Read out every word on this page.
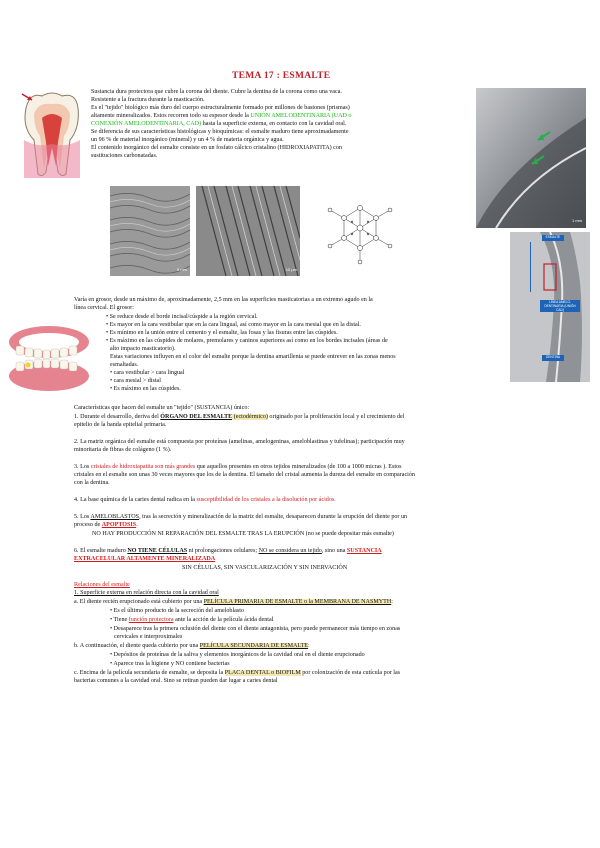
TEMA 17 : ESMALTE
Sustancia dura protectora que cubre la corona del diente. Cubre la dentina de la corona como una vaca.
Resistente a la fractura durante la masticación.
Es el "tejido" biológico más duro del cuerpo estructuralmente formado por millones de bastones (prismas)
altamente mineralizados. Estos recorren todo su espesor desde la UNIÓN AMELODENTINARIA (UAD o
CONEXIÓN AMELODENTINARIA, CAD) hasta la superficie externa, en contacto con la cavidad oral.
Se diferencia de sus características histológicas y bioquímicas: el esmalte maduro tiene aproximadamente
un 96 % de material inorgánico (mineral) y un 4 % de materia orgánica y agua.
El contenido inorgánico del esmalte consiste en un fosfato cálcico cristalino (HIDROXIAPATITA) con
sustituciones carbonatadas.
1 mm
5 mm	10 µm
ESMALTE
LÍNEA AMELO-DENTINARIA (UNIÓN CAD)
DENTINA
Varía en grosor, desde un máximo de, aproximadamente, 2,5 mm en las superficies masticatorias a un extremo agudo en la
línea cervical. El grosor:
• Se reduce desde el borde incisal/cúspide a la región cervical.
• Es mayor en la cara vestibular que en la cara lingual, así como mayor en la cara mesial que en la distal.
• Es mínimo en la unión entre el cemento y el esmalte, las fosas y las fisuras entre las cúspides.
• Es máximo en las cúspides de molares, premolares y caninos superiores así como en los bordes incisales (áreas de
alto impacto masticatorio).
Estas variaciones influyen en el color del esmalte porque la dentina amarillenta se puede entrever en las zonas menos
esmaltadas.
• cara vestibular > cara lingual
• cara mesial > distal
• Es máximo en las cúspides.
Características que hacen del esmalte un "tejido" (SUSTANCIA) único:
1. Durante el desarrollo, deriva del ÓRGANO DEL ESMALTE (ectodérmico) originado por la proliferación local y el crecimiento del
epitelio de la banda epitelial primaria.
2. La matriz orgánica del esmalte está compuesta por proteínas (amelinas, amelogeninas, ameloblastinas y tufelinas); participación muy
minoritaria de fibras de colágeno (1 %).
3. Los cristales de hidroxiapatita son más grandes que aquellos presentes en otros tejidos mineralizados (de 100 a 1000 micras ). Estos
cristales en el esmalte son unas 30 veces mayores que los de la dentina. El tamaño del cristal aumenta la dureza del esmalte en comparación
con la dentina.
4. La base química de la caries dental radica en la susceptibilidad de los cristales a la disolución por ácidos.
5. Los AMELOBLASTOS, tras la secreción y mineralización de la matriz del esmalte, desaparecen durante la erupción del diente por un
proceso de APOPTOSIS.
NO HAY PRODUCCIÓN NI REPARACIÓN DEL ESMALTE TRAS LA ERUPCIÓN (no se puede depositar más esmalte)
6. El esmalte maduro NO TIENE CÉLULAS ni prolongaciones celulares; NO se considera un tejido, sino una SUSTANCIA
EXTRACELULAR ALTAMENTE MINERALIZADA
SIN CÉLULAS, SIN VASCULARIZACIÓN Y SIN INERVACIÓN
Relaciones del esmalte
1. Superficie externa en relación directa con la cavidad oral
a. El diente recién erupcionado está cubierto por una PELÍCULA PRIMARIA DE ESMALTE o la MEMBRANA DE NASMYTH:
• Es el último producto de la secreción del ameloblasto
• Tiene función protectora ante la acción de la película ácida dental
• Desaparece tras la primera oclusión del diente con el diente antagonista, pero puede permanecer más tiempo en zonas
cervicales e interproximales
b. A continuación, el diente queda cubierto por una PELÍCULA SECUNDARIA DE ESMALTE:
• Depósitos de proteínas de la saliva y elementos inorgánicos de la cavidad oral en el diente erupcionado
• Aparece tras la higiene y NO contiene bacterias
c. Encima de la película secundaria de esmalte, se deposita la PLACA DENTAL o BIOFILM por colonización de esta cutícula por las
bacterias comunes a la cavidad oral. Sino se retiran pueden dar lugar a caries dental
